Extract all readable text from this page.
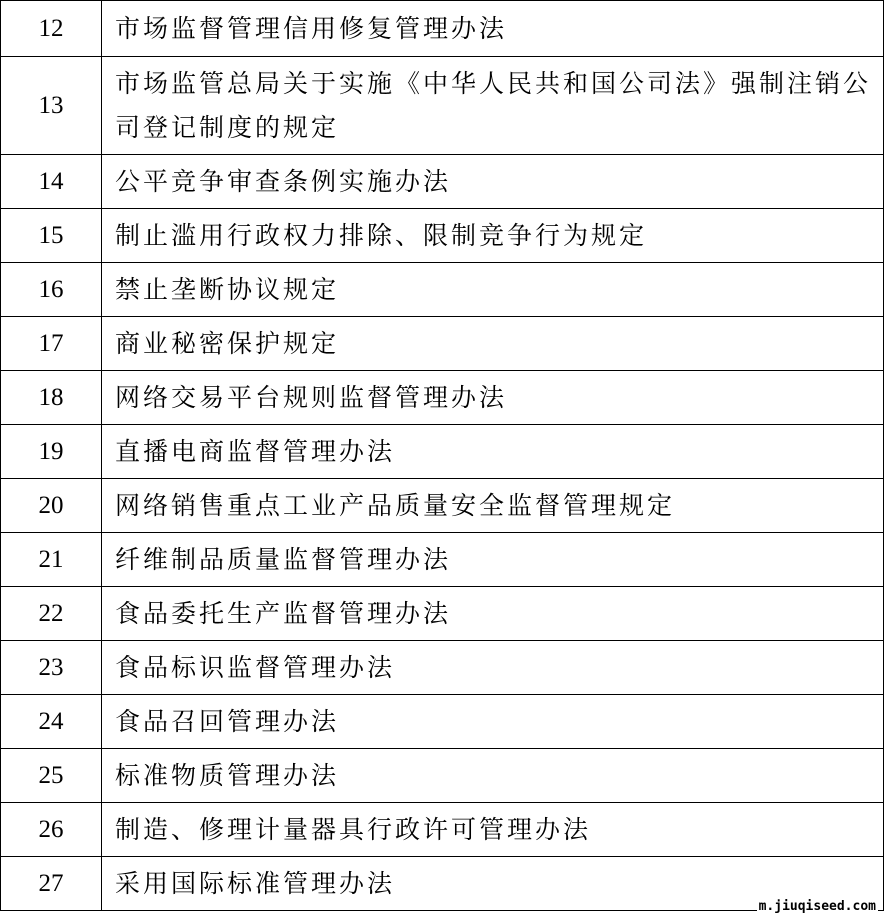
12	市场监督管理信用修复管理办法
13	市场监管总局关于实施《中华人民共和国公司法》强制注销公司登记制度的规定
14	公平竞争审查条例实施办法
15	制止滥用行政权力排除、限制竞争行为规定
16	禁止垄断协议规定
17	商业秘密保护规定
18	网络交易平台规则监督管理办法
19	直播电商监督管理办法
20	网络销售重点工业产品质量安全监督管理规定
21	纤维制品质量监督管理办法
22	食品委托生产监督管理办法
23	食品标识监督管理办法
24	食品召回管理办法
25	标准物质管理办法
26	制造、修理计量器具行政许可管理办法
27	采用国际标准管理办法
m.jiuqiseed.com
